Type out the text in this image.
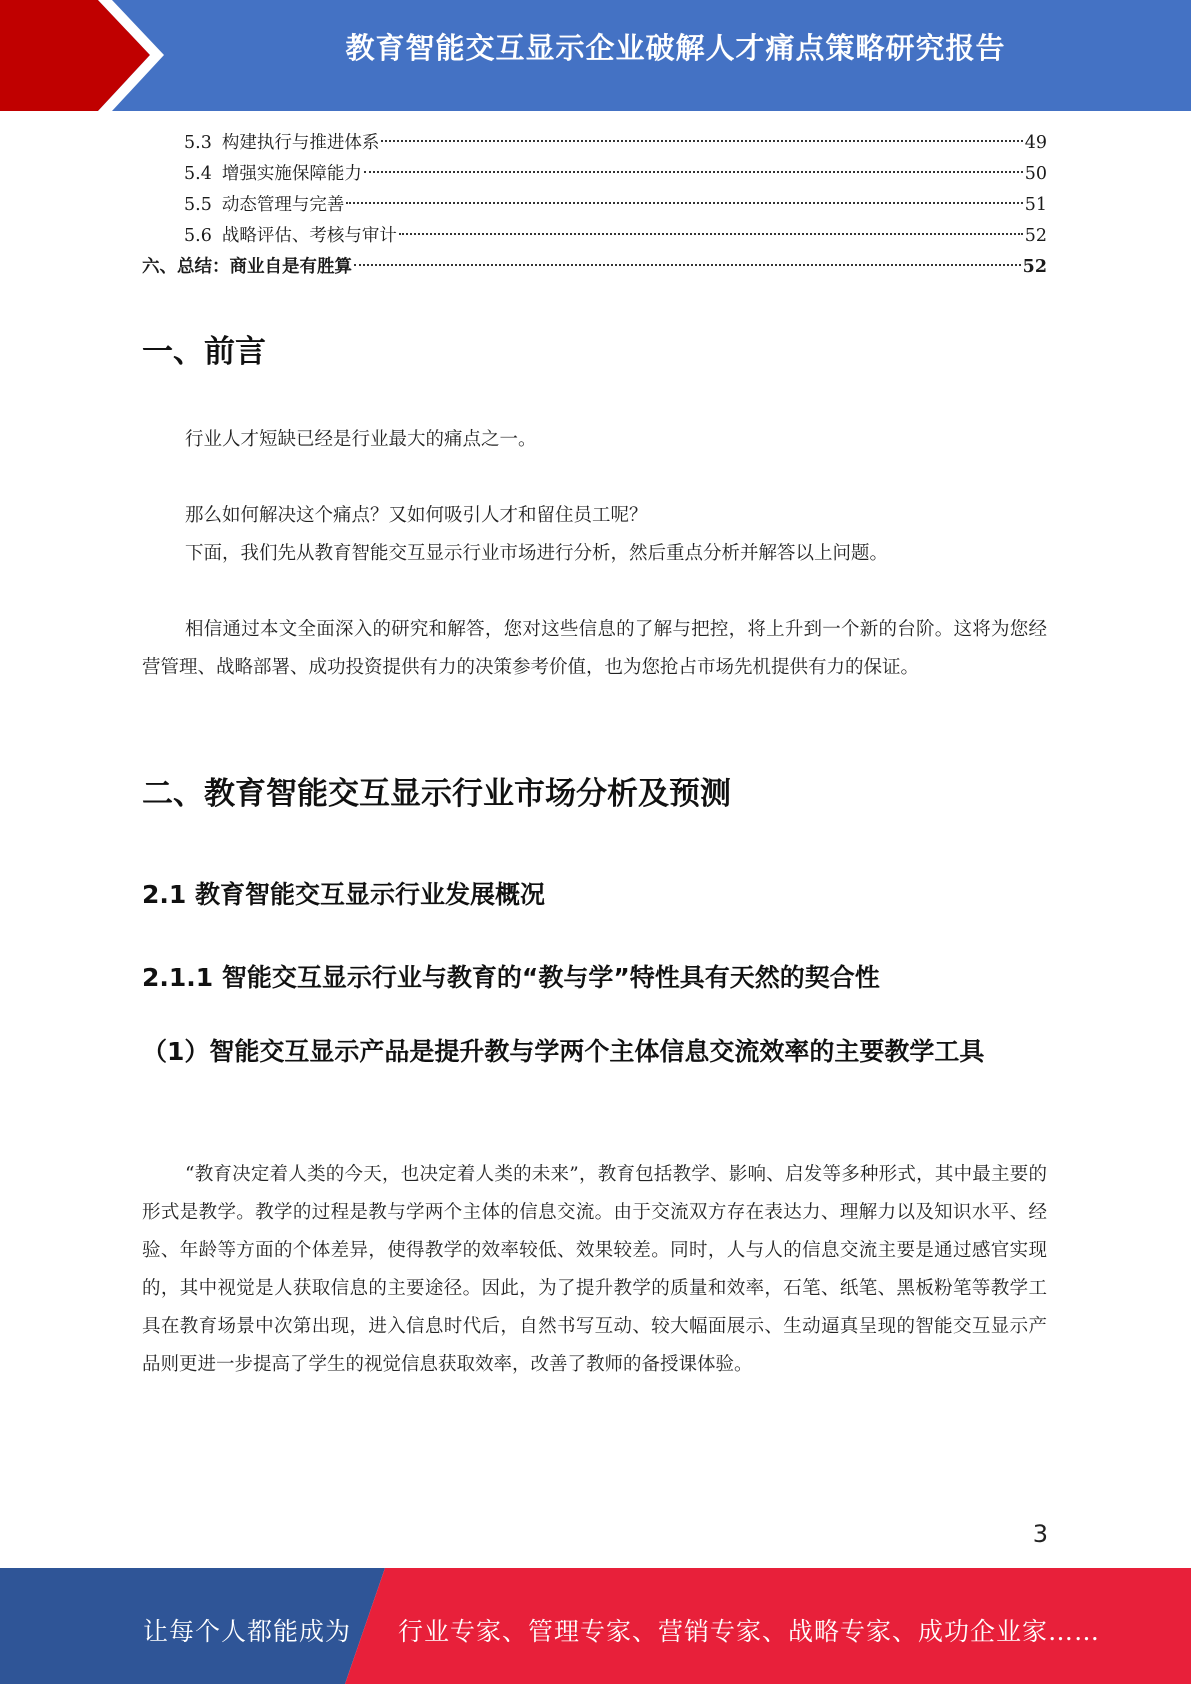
教育智能交互显示企业破解人才痛点策略研究报告
5.3 构建执行与推进体系	49
5.4 增强实施保障能力	50
5.5 动态管理与完善	51
5.6 战略评估、考核与审计	52
六、总结：商业自是有胜算	52
一、前言
行业人才短缺已经是行业最大的痛点之一。
那么如何解决这个痛点？又如何吸引人才和留住员工呢？
下面，我们先从教育智能交互显示行业市场进行分析，然后重点分析并解答以上问题。
相信通过本文全面深入的研究和解答，您对这些信息的了解与把控，将上升到一个新的台阶。这将为您经营管理、战略部署、成功投资提供有力的决策参考价值，也为您抢占市场先机提供有力的保证。
二、教育智能交互显示行业市场分析及预测
2.1 教育智能交互显示行业发展概况
2.1.1 智能交互显示行业与教育的“教与学”特性具有天然的契合性
（1）智能交互显示产品是提升教与学两个主体信息交流效率的主要教学工具
“教育决定着人类的今天，也决定着人类的未来”，教育包括教学、影响、启发等多种形式，其中最主要的形式是教学。教学的过程是教与学两个主体的信息交流。由于交流双方存在表达力、理解力以及知识水平、经验、年龄等方面的个体差异，使得教学的效率较低、效果较差。同时，人与人的信息交流主要是通过感官实现的，其中视觉是人获取信息的主要途径。因此，为了提升教学的质量和效率，石笔、纸笔、黑板粉笔等教学工具在教育场景中次第出现，进入信息时代后，自然书写互动、较大幅面展示、生动逼真呈现的智能交互显示产品则更进一步提高了学生的视觉信息获取效率，改善了教师的备授课体验。
3
让每个人都能成为 行业专家、管理专家、营销专家、战略专家、成功企业家……
